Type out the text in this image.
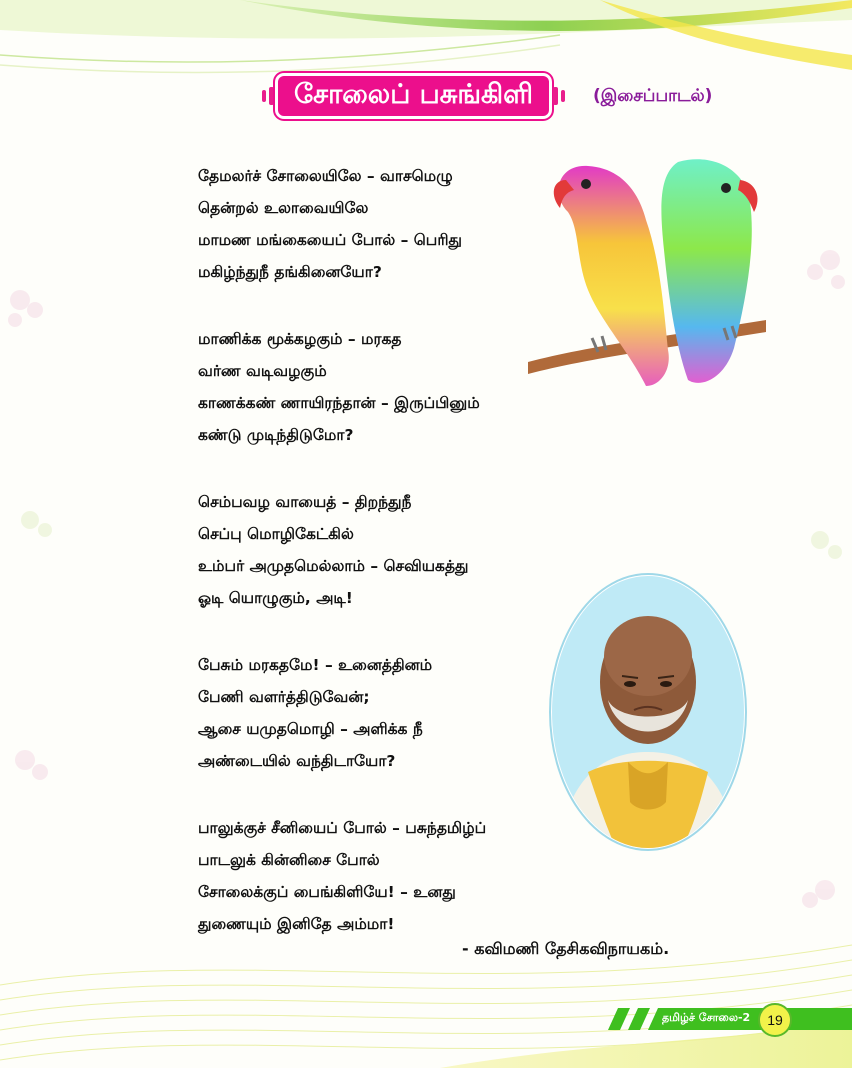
சோலைப் பசுங்கிளி	(இசைப்பாடல்)
தேமலர்ச் சோலையிலே – வாசமெழு
தென்றல் உலாவையிலே
மாமண மங்கையைப் போல் – பெரிது
மகிழ்ந்துநீ தங்கினையோ?
மாணிக்க மூக்கழகும் – மரகத
வர்ண வடிவழகும்
காணக்கண் ணாயிரந்தான் – இருப்பினும்
கண்டு முடிந்திடுமோ?
செம்பவழ வாயைத் – திறந்துநீ
செப்பு மொழிகேட்கில்
உம்பர் அமுதமெல்லாம் – செவியகத்து
ஓடி யொழுகும், அடி!
பேசும் மரகதமே! – உனைத்தினம்
பேணி வளர்த்திடுவேன்;
ஆசை யமுதமொழி – அளிக்க நீ
அண்டையில் வந்திடாயோ?
பாலுக்குச் சீனியைப் போல் – பசுந்தமிழ்ப்
பாடலுக் கின்னிசை போல்
சோலைக்குப் பைங்கிளியே! – உனது
துணையும் இனிதே அம்மா!
- கவிமணி தேசிகவிநாயகம்.
தமிழ்ச் சோலை-2	19
